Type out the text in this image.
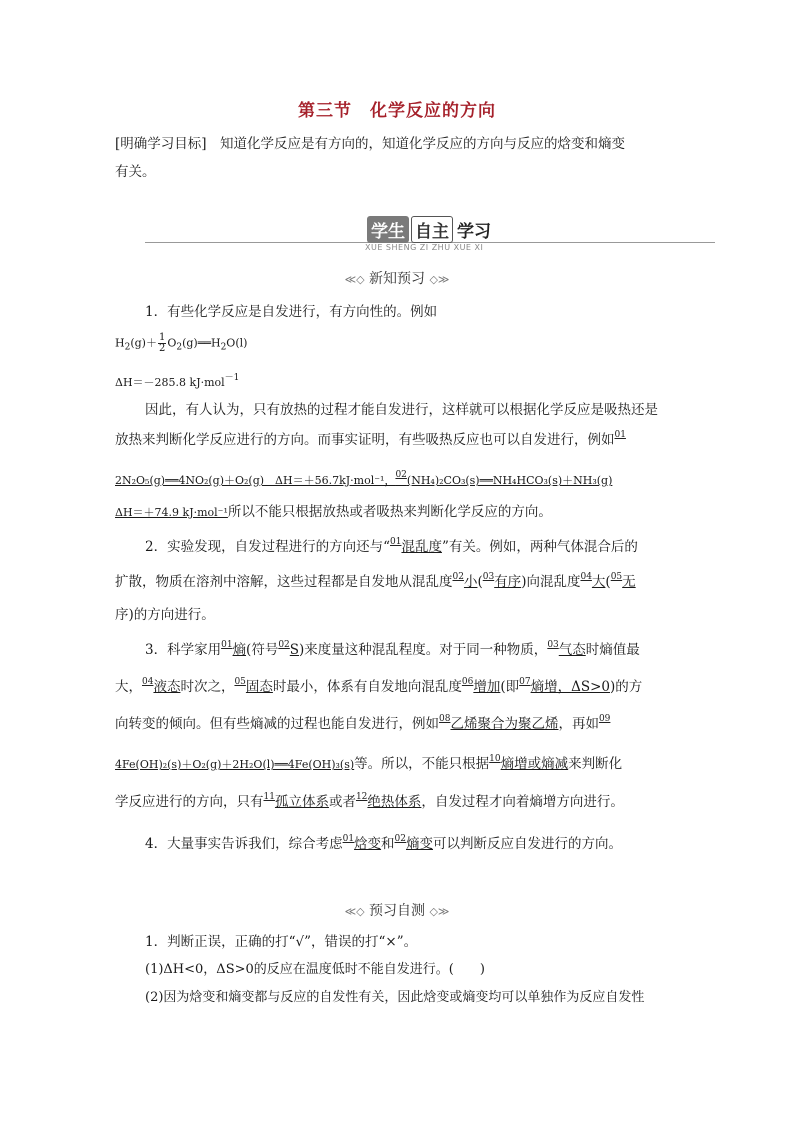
第三节　化学反应的方向
[明确学习目标]　知道化学反应是有方向的，知道化学反应的方向与反应的焓变和熵变
有关。
学生 自主 学习
XUE SHENG ZI ZHU XUE XI
≪◇ 新知预习 ◇≫
1．有些化学反应是自发进行，有方向性的。例如
$H_2(g)+ \frac{1}{2}$ $O_2(g)══H_2O(l)$
ΔH＝－285.8 kJ·mol$^{-1}$
因此，有人认为，只有放热的过程才能自发进行，这样就可以根据化学反应是吸热还是
放热来判断化学反应进行的方向。而事实证明，有些吸热反应也可以自发进行，例如$^{01}$
2N₂O₅(g)══4NO₂(g)＋O₂(g)　ΔH＝＋56.7kJ·mol⁻¹，$^{02}$(NH₄)₂CO₃(s)══NH₄HCO₃(s)＋NH₃(g)
ΔH＝＋74.9 kJ·mol⁻¹所以不能只根据放热或者吸热来判断化学反应的方向。
2．实验发现，自发过程进行的方向还与“$^{01}$混乱度”有关。例如，两种气体混合后的
扩散，物质在溶剂中溶解，这些过程都是自发地从混乱度$^{02}$小($^{03}$有序)向混乱度$^{04}$大($^{05}$无
序)的方向进行。
3．科学家用$^{01}$熵(符号$^{02}$S)来度量这种混乱程度。对于同一种物质，$^{03}$气态时熵值最
大，$^{04}$液态时次之，$^{05}$固态时最小，体系有自发地向混乱度$^{06}$增加(即$^{07}$熵增，ΔS>0)的方
向转变的倾向。但有些熵减的过程也能自发进行，例如$^{08}$乙烯聚合为聚乙烯，再如$^{09}$
4Fe(OH)₂(s)＋O₂(g)＋2H₂O(l)══4Fe(OH)₃(s)等。所以，不能只根据$^{10}$熵增或熵减来判断化
学反应进行的方向，只有$^{11}$孤立体系或者$^{12}$绝热体系，自发过程才向着熵增方向进行。
4．大量事实告诉我们，综合考虑$^{01}$焓变和$^{02}$熵变可以判断反应自发进行的方向。
≪◇ 预习自测 ◇≫
1．判断正误，正确的打“√”，错误的打“×”。
(1)ΔH<0，ΔS>0的反应在温度低时不能自发进行。(　　)
(2)因为焓变和熵变都与反应的自发性有关，因此焓变或熵变均可以单独作为反应自发性
